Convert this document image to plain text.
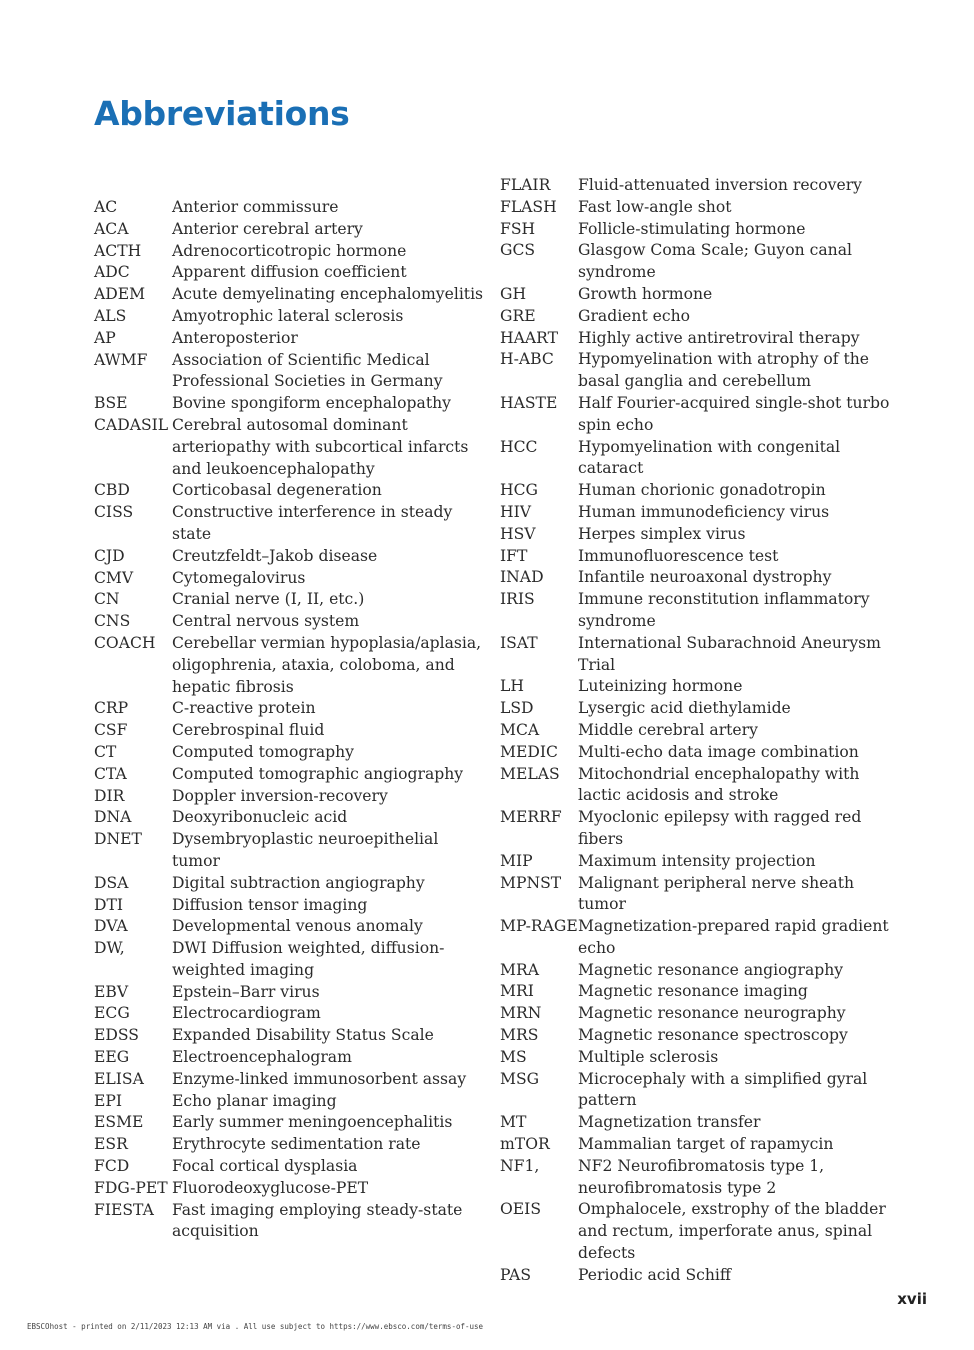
Abbreviations
AC	Anterior commissure
ACA	Anterior cerebral artery
ACTH	Adrenocorticotropic hormone
ADC	Apparent diffusion coefficient
ADEM	Acute demyelinating encephalomyelitis
ALS	Amyotrophic lateral sclerosis
AP	Anteroposterior
AWMF	Association of Scientific Medical Professional Societies in Germany
BSE	Bovine spongiform encephalopathy
CADASIL Cerebral autosomal dominant arteriopathy with subcortical infarcts and leukoencephalopathy
CBD	Corticobasal degeneration
CISS	Constructive interference in steady state
CJD	Creutzfeldt–Jakob disease
CMV	Cytomegalovirus
CN	Cranial nerve (I, II, etc.)
CNS	Central nervous system
COACH	Cerebellar vermian hypoplasia/aplasia, oligophrenia, ataxia, coloboma, and hepatic fibrosis
CRP	C-reactive protein
CSF	Cerebrospinal fluid
CT	Computed tomography
CTA	Computed tomographic angiography
DIR	Doppler inversion-recovery
DNA	Deoxyribonucleic acid
DNET	Dysembryoplastic neuroepithelial tumor
DSA	Digital subtraction angiography
DTI	Diffusion tensor imaging
DVA	Developmental venous anomaly
DW,	DWI Diffusion weighted, diffusion-weighted imaging
EBV	Epstein–Barr virus
ECG	Electrocardiogram
EDSS	Expanded Disability Status Scale
EEG	Electroencephalogram
ELISA	Enzyme-linked immunosorbent assay
EPI	Echo planar imaging
ESME	Early summer meningoencephalitis
ESR	Erythrocyte sedimentation rate
FCD	Focal cortical dysplasia
FDG-PET Fluorodeoxyglucose-PET
FIESTA	Fast imaging employing steady-state acquisition
FLAIR	Fluid-attenuated inversion recovery
FLASH	Fast low-angle shot
FSH	Follicle-stimulating hormone
GCS	Glasgow Coma Scale; Guyon canal syndrome
GH	Growth hormone
GRE	Gradient echo
HAART	Highly active antiretroviral therapy
H-ABC	Hypomyelination with atrophy of the basal ganglia and cerebellum
HASTE	Half Fourier-acquired single-shot turbo spin echo
HCC	Hypomyelination with congenital cataract
HCG	Human chorionic gonadotropin
HIV	Human immunodeficiency virus
HSV	Herpes simplex virus
IFT	Immunofluorescence test
INAD	Infantile neuroaxonal dystrophy
IRIS	Immune reconstitution inflammatory syndrome
ISAT	International Subarachnoid Aneurysm Trial
LH	Luteinizing hormone
LSD	Lysergic acid diethylamide
MCA	Middle cerebral artery
MEDIC	Multi-echo data image combination
MELAS	Mitochondrial encephalopathy with lactic acidosis and stroke
MERRF	Myoclonic epilepsy with ragged red fibers
MIP	Maximum intensity projection
MPNST	Malignant peripheral nerve sheath tumor
MP-RAGE Magnetization-prepared rapid gradient echo
MRA	Magnetic resonance angiography
MRI	Magnetic resonance imaging
MRN	Magnetic resonance neurography
MRS	Magnetic resonance spectroscopy
MS	Multiple sclerosis
MSG	Microcephaly with a simplified gyral pattern
MT	Magnetization transfer
mTOR	Mammalian target of rapamycin
NF1,	NF2 Neurofibromatosis type 1, neurofibromatosis type 2
OEIS	Omphalocele, exstrophy of the bladder and rectum, imperforate anus, spinal defects
PAS	Periodic acid Schiff
xvii
EBSCOhost - printed on 2/11/2023 12:13 AM via . All use subject to https://www.ebsco.com/terms-of-use
